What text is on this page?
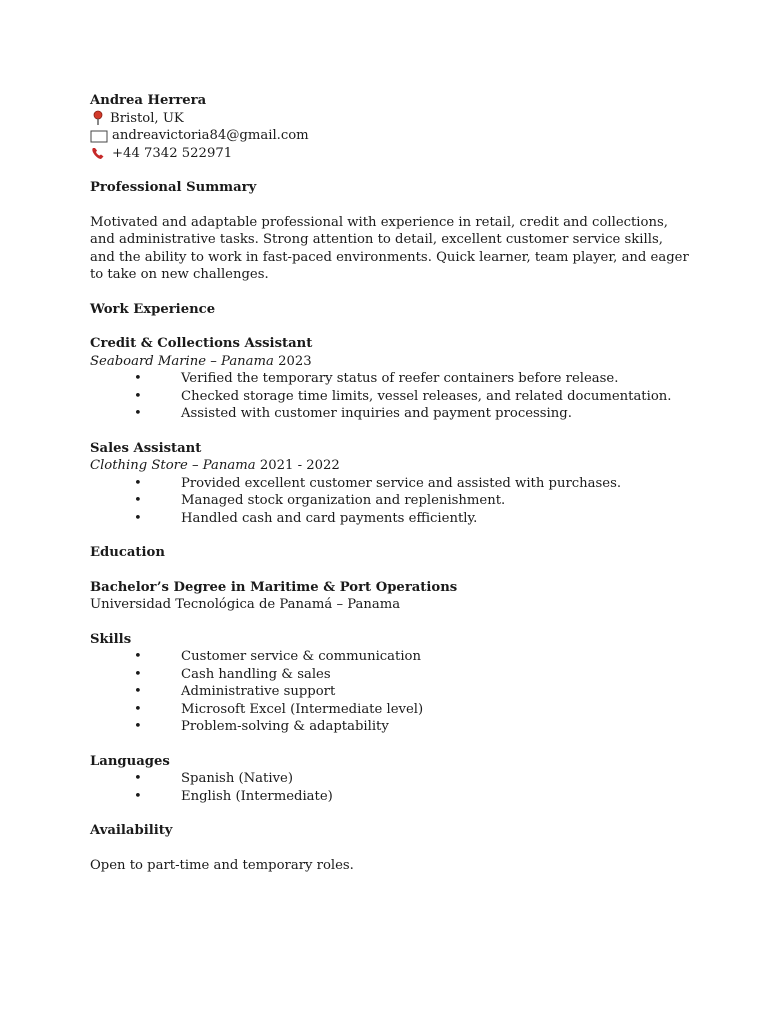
Andrea Herrera
Bristol, UK
andreavictoria84@gmail.com
+44 7342 522971
Professional Summary

Motivated and adaptable professional with experience in retail, credit and collections, and administrative tasks. Strong attention to detail, excellent customer service skills, and the ability to work in fast-paced environments. Quick learner, team player, and eager to take on new challenges.

Work Experience
Credit & Collections Assistant
Seaboard Marine – Panama 2023
• Verified the temporary status of reefer containers before release.
• Checked storage time limits, vessel releases, and related documentation.
• Assisted with customer inquiries and payment processing.
Sales Assistant
Clothing Store – Panama 2021 - 2022
• Provided excellent customer service and assisted with purchases.
• Managed stock organization and replenishment.
• Handled cash and card payments efficiently.
Education
Bachelor’s Degree in Maritime & Port Operations
Universidad Tecnológica de Panamá – Panama
Skills
• Customer service & communication
• Cash handling & sales
• Administrative support
• Microsoft Excel (Intermediate level)
• Problem-solving & adaptability
Languages
• Spanish (Native)
• English (Intermediate)
Availability
Open to part-time and temporary roles.
